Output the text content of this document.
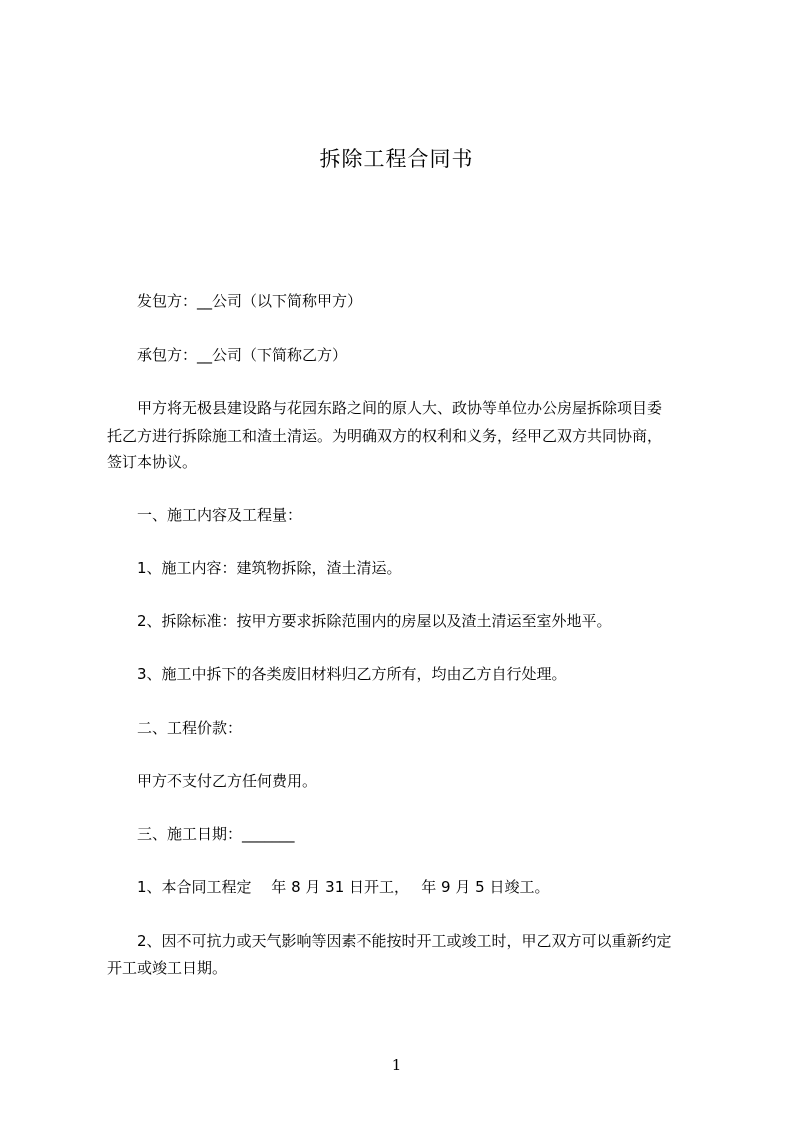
拆除工程合同书
发包方：__公司（以下简称甲方）
承包方：__公司（下简称乙方）
甲方将无极县建设路与花园东路之间的原人大、政协等单位办公房屋拆除项目委
托乙方进行拆除施工和渣土清运。为明确双方的权利和义务，经甲乙双方共同协商，
签订本协议。
一、施工内容及工程量：
1、施工内容：建筑物拆除，渣土清运。
2、拆除标准：按甲方要求拆除范围内的房屋以及渣土清运至室外地平。
3、施工中拆下的各类废旧材料归乙方所有，均由乙方自行处理。
二、工程价款：
甲方不支付乙方任何费用。
三、施工日期：_______
1、本合同工程定　 年 8 月 31 日开工，　 年 9 月 5 日竣工。
2、因不可抗力或天气影响等因素不能按时开工或竣工时，甲乙双方可以重新约定
开工或竣工日期。
1
